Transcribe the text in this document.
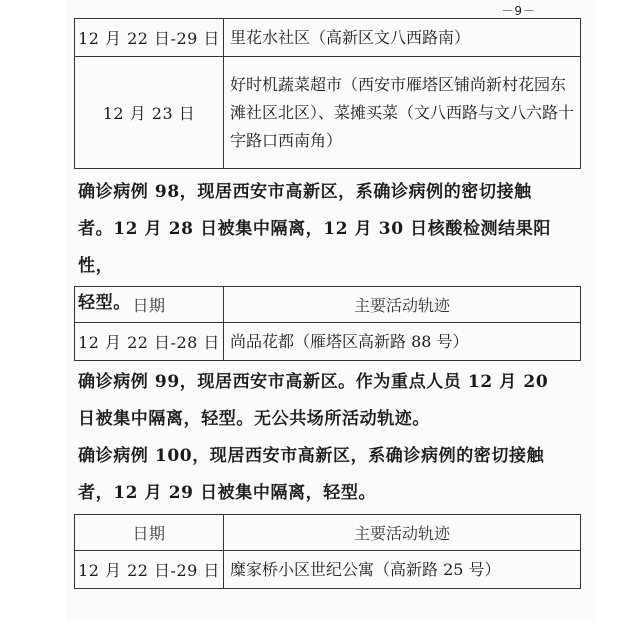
－9－
12 月 22 日-29 日	里花水社区（高新区文八西路南）
12 月 23 日	好时机蔬菜超市（西安市雁塔区铺尚新村花园东滩社区北区）、菜摊买菜（文八西路与文八六路十字路口西南角）
确诊病例 98，现居西安市高新区，系确诊病例的密切接触
者。12 月 28 日被集中隔离，12 月 30 日核酸检测结果阳性，
轻型。 日期	主要活动轨迹
12 月 22 日-28 日	尚品花都（雁塔区高新路 88 号）
确诊病例 99，现居西安市高新区。作为重点人员 12 月 20
日被集中隔离，轻型。无公共场所活动轨迹。
确诊病例 100，现居西安市高新区，系确诊病例的密切接触
者，12 月 29 日被集中隔离，轻型。
日期	主要活动轨迹
12 月 22 日-29 日	糜家桥小区世纪公寓（高新路 25 号）
